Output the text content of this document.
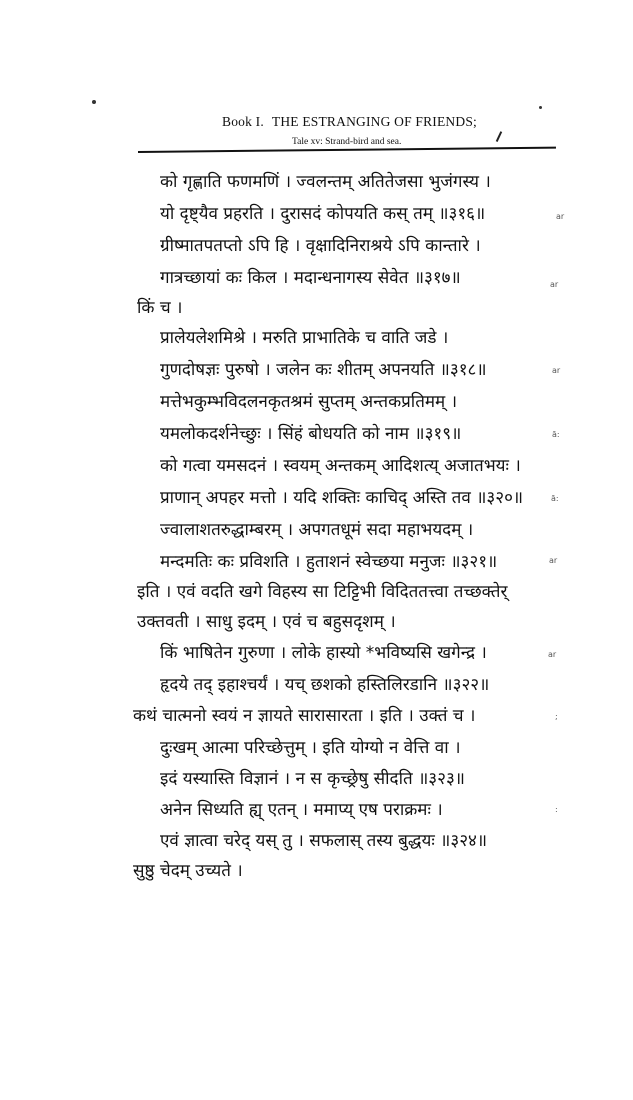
Book I. THE ESTRANGING OF FRIENDS;
Tale xv: Strand-bird and sea.
को गृह्णाति फणमणिं । ज्वलन्तम् अतितेजसा भुजंगस्य ।
यो दृष्ट्यैव प्रहरति । दुरासदं कोपयति कस् तम् ॥३१६॥
ग्रीष्मातपतप्तो ऽपि हि । वृक्षादिनिराश्रये ऽपि कान्तारे ।
गात्रच्छायां कः किल । मदान्धनागस्य सेवेत ॥३१७॥
किं च ।
प्रालेयलेशमिश्रे । मरुति प्राभातिके च वाति जडे ।
गुणदोषज्ञः पुरुषो । जलेन कः शीतम् अपनयति ॥३१८॥
मत्तेभकुम्भविदलनकृतश्रमं सुप्तम् अन्तकप्रतिमम् ।
यमलोकदर्शनेच्छुः । सिंहं बोधयति को नाम ॥३१९॥
को गत्वा यमसदनं । स्वयम् अन्तकम् आदिशत्य् अजातभयः ।
प्राणान् अपहर मत्तो । यदि शक्तिः काचिद् अस्ति तव ॥३२०॥
ज्वालाशतरुद्धाम्बरम् । अपगतधूमं सदा महाभयदम् ।
मन्दमतिः कः प्रविशति । हुताशनं स्वेच्छया मनुजः ॥३२१॥
इति । एवं वदति खगे विहस्य सा टिट्टिभी विदिततत्त्वा तच्छक्तेर्
उक्तवती । साधु इदम् । एवं च बहुसदृशम् ।
किं भाषितेन गुरुणा । लोके हास्यो *भविष्यसि खगेन्द्र ।
हृदये तद् इहाश्चर्यं । यच् छशको हस्तिलिरडानि ॥३२२॥
कथं चात्मनो स्वयं न ज्ञायते सारासारता । इति । उक्तं च ।
दुःखम् आत्मा परिच्छेत्तुम् । इति योग्यो न वेत्ति वा ।
इदं यस्यास्ति विज्ञानं । न स कृच्छ्रेषु सीदति ॥३२३॥
अनेन सिध्यति ह्य् एतन् । ममाप्य् एष पराक्रमः ।
एवं ज्ञात्वा चरेद् यस् तु । सफलास् तस्य बुद्धयः ॥३२४॥
सुष्ठु चेदम् उच्यते ।
ar
ar
ar
ar
ā:
ā:
ar
;
:
